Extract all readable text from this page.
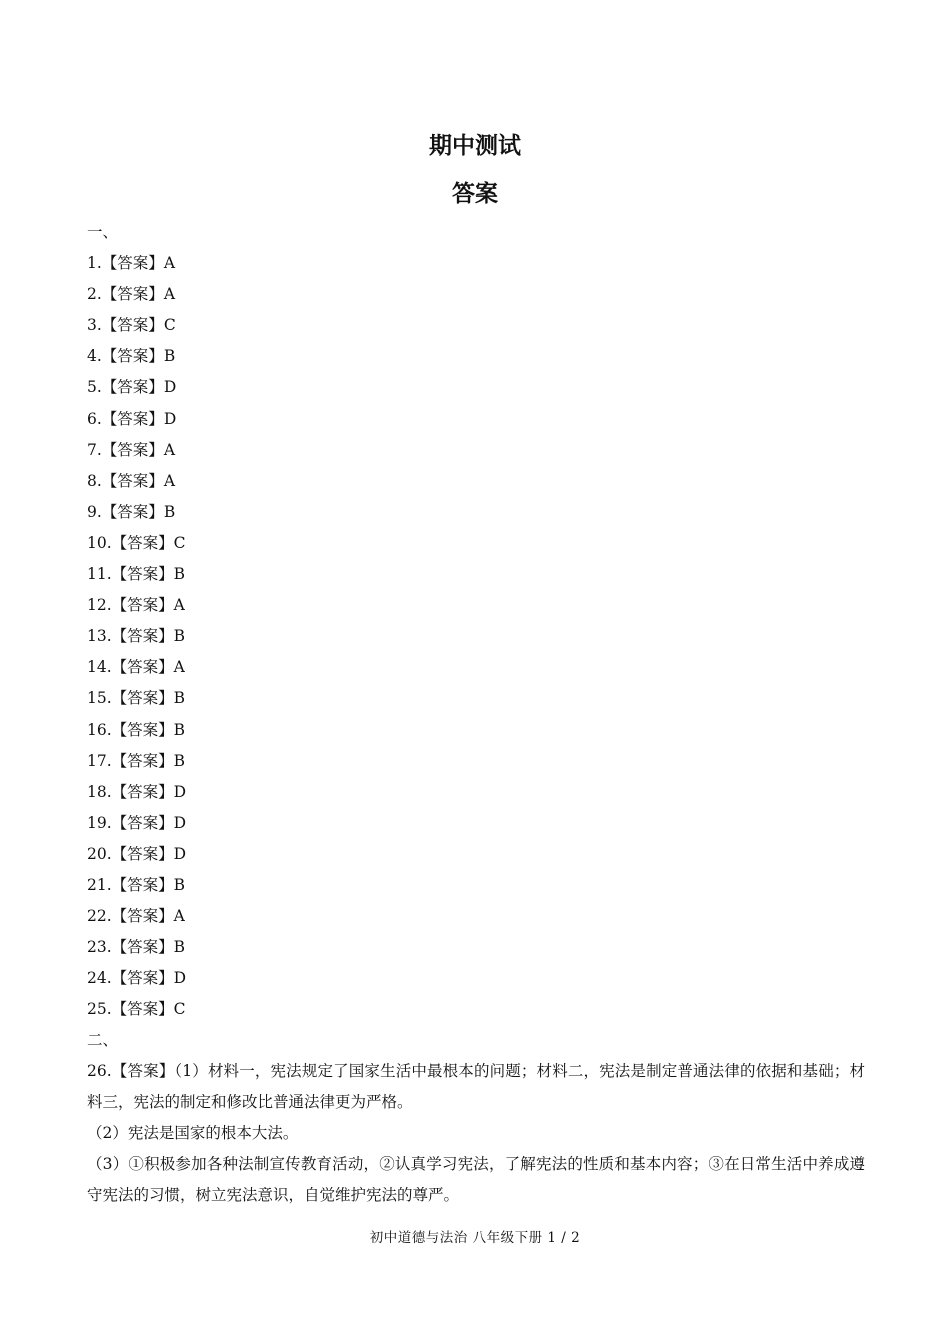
期中测试
答案
一、
1.【答案】A
2.【答案】A
3.【答案】C
4.【答案】B
5.【答案】D
6.【答案】D
7.【答案】A
8.【答案】A
9.【答案】B
10.【答案】C
11.【答案】B
12.【答案】A
13.【答案】B
14.【答案】A
15.【答案】B
16.【答案】B
17.【答案】B
18.【答案】D
19.【答案】D
20.【答案】D
21.【答案】B
22.【答案】A
23.【答案】B
24.【答案】D
25.【答案】C
二、
26.【答案】（1）材料一，宪法规定了国家生活中最根本的问题；材料二，宪法是制定普通法律的依据和基础；材料三，宪法的制定和修改比普通法律更为严格。
（2）宪法是国家的根本大法。
（3）①积极参加各种法制宣传教育活动，②认真学习宪法，了解宪法的性质和基本内容；③在日常生活中养成遵守宪法的习惯，树立宪法意识，自觉维护宪法的尊严。
初中道德与法治 八年级下册 1 / 2
